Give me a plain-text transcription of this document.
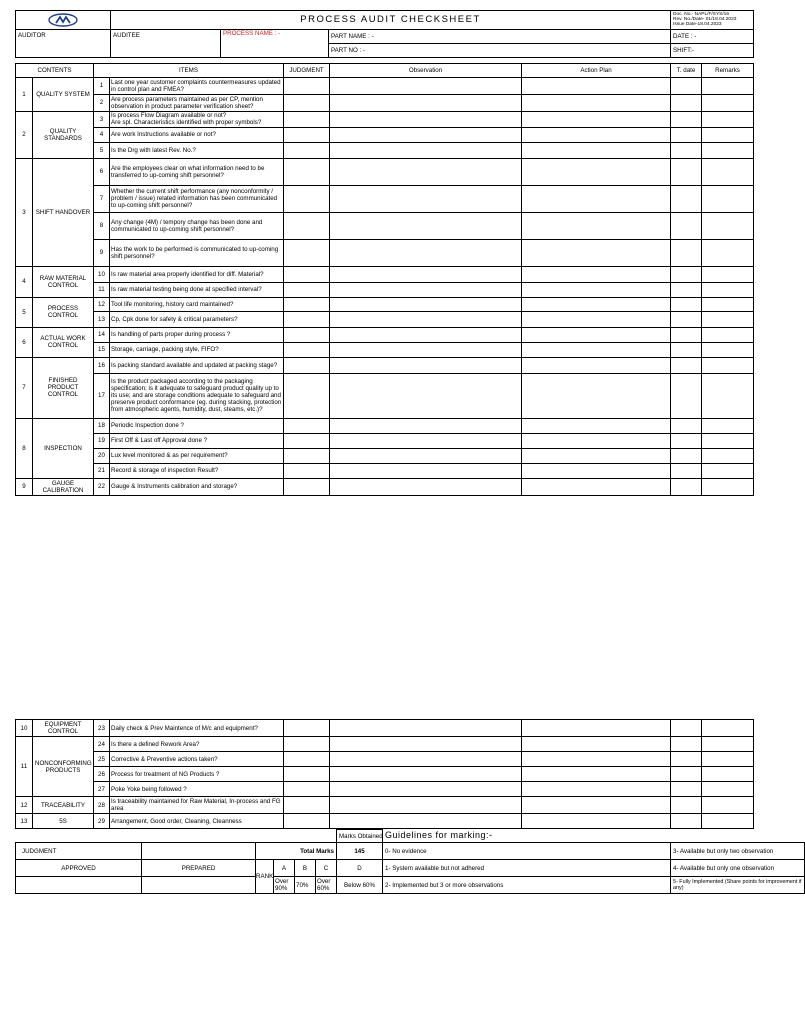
	PROCESS AUDIT CHECKSHEET			Doc. No.- NAPL/F/SYS/16
Rev. No./Date- 01/18.04.2023
Issue Date-18.04.2023

AUDITOR	AUDITEE	PROCESS NAME : -	PART NAME : -	DATE : -
			PART NO : -	SHIFT:-
CONTENTS		ITEMS		JUDGMENT	Observation	Action Plan	T. date	Remarks
1	QUALITY SYSTEM	1	Last one year customer complaints countermeasures updated in control plan and FMEA?					
		2	Are process parameters maintained as per CP, mention observation in product parameter verification sheet?					
2	QUALITY STANDARDS	3	Is process Flow Diagram available or not?
Are spl. Characteristics identified with proper symbols?					
		4	Are work Instructions available or not?					
		5	Is the Drg with latest Rev. No.?					
3	SHIFT HANDOVER	6	Are the employees clear on what information need to be transferred to up-coming shift personnel?					
		7	Whether the current shift performance (any nonconformity / problem / issue) related information has been communicated to up-coming shift personnel?					
		8	Any change (4M) / tempory change has been done and communicated to up-coming shift personnel?					
		9	Has the work to be performed is communicated to up-coming shift personnel?					
4	RAW MATERIAL CONTROL	10	Is raw material area properly identified for diff. Material?					
		11	Is raw material testing being done at specified interval?					
5	PROCESS CONTROL	12	Tool life monitoring, history card maintained?					
		13	Cp, Cpk done for safety & critical parameters?					
6	ACTUAL WORK CONTROL	14	Is handling of parts proper during process ?					
		15	Storage, carriage, packing style, FIFO?					
7	FINISHED PRODUCT CONTROL	16	Is packing standard available and updated at packing stage?					
		17	Is the product packaged according to the packaging specification; is it adequate to safeguard product quality up to its use; and are storage conditions adequate to safeguard and preserve product conformance (eg. during stacking, protection from atmospheric agents, humidity, dust, steams, etc.)?					
8	INSPECTION	18	Periodic Inspection done ?					
		19	First Off & Last off Approval done ?					
		20	Lux level monitored & as per requirement?					
		21	Record & storage of inspection Result?					
9	GAUGE CALIBRATION	22	Gauge & Instruments calibration and storage?					
10	EQUIPMENT CONTROL	23	Daily check & Prev Maintence of M/c and equipment?					
11	NONCONFORMING PRODUCTS	24	Is there a defined Rework Area?					
		25	Corrective & Preventive actions taken?					
		26	Process for treatment of NG Products ?					
		27	Poke Yoke being followed ?					
12	TRACEABILITY	28	Is traceability maintained for Raw Material, In-process and FG area					
13	5S	29	Arrangement, Good order, Cleaning, Cleanness					
						Marks Obtained	Guidelines for marking:-	
JUDGMENT		Total Marks				145	0- No evidence	3- Available but only two observation
APPROVED	PREPARED	RANK	A	B	C	D	1- System available but not adhered	4- Available but only one observation
			Over 90%	70%	Over 60%	Below 60%	2- Implemented but 3 or more observations	5- Fully Implemented (Share points for improvement if any)
